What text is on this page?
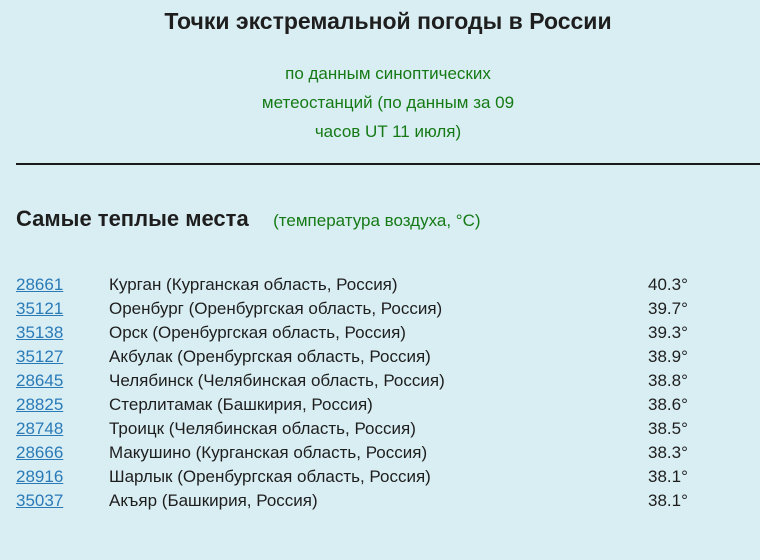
Точки экстремальной погоды в России
по данным синоптических
метеостанций (по данным за 09
часов UT 11 июля)
Самые теплые места (температура воздуха, °C)
28661	Курган (Курганская область, Россия)	40.3°
35121	Оренбург (Оренбургская область, Россия)	39.7°
35138	Орск (Оренбургская область, Россия)	39.3°
35127	Акбулак (Оренбургская область, Россия)	38.9°
28645	Челябинск (Челябинская область, Россия)	38.8°
28825	Стерлитамак (Башкирия, Россия)	38.6°
28748	Троицк (Челябинская область, Россия)	38.5°
28666	Макушино (Курганская область, Россия)	38.3°
28916	Шарлык (Оренбургская область, Россия)	38.1°
35037	Акъяр (Башкирия, Россия)	38.1°
